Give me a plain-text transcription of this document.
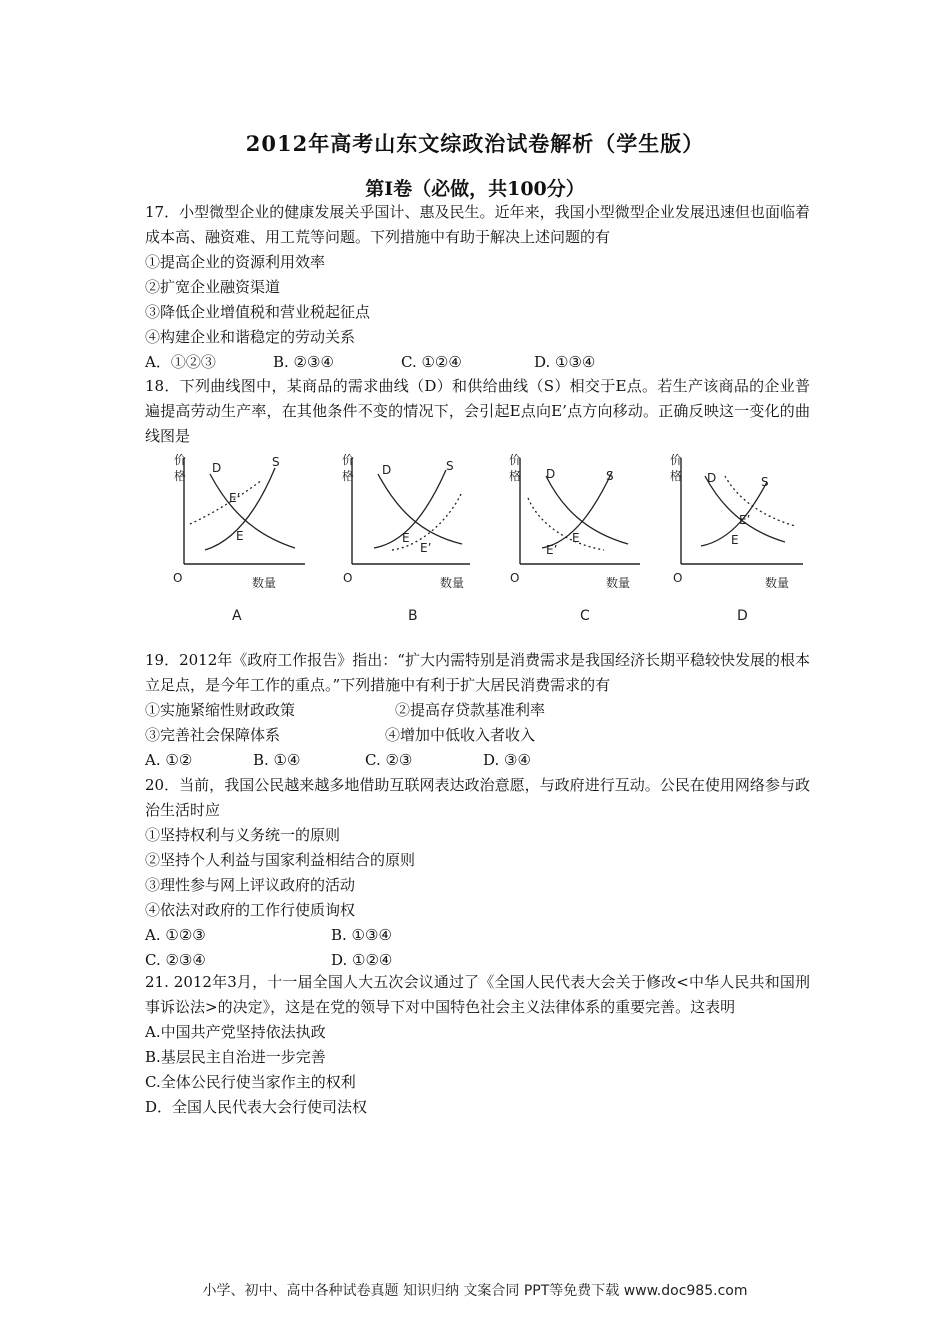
2012年高考山东文综政治试卷解析（学生版）
第Ⅰ卷（必做，共100分）
17．小型微型企业的健康发展关乎国计、惠及民生。近年来，我国小型微型企业发展迅速但也面临着成本高、融资难、用工荒等问题。下列措施中有助于解决上述问题的有
①提高企业的资源利用效率
②扩宽企业融资渠道
③降低企业增值税和营业税起征点
④构建企业和谐稳定的劳动关系
A．①②③	B. ②③④	C. ①②④	D. ①③④
18．下列曲线图中，某商品的需求曲线（D）和供给曲线（S）相交于E点。若生产该商品的企业普遍提高劳动生产率，在其他条件不变的情况下，会引起E点向E’点方向移动。正确反映这一变化的曲线图是
价
格
O	数量
D	S
E’
E
A
价
格
O	数量
D	S
E
E’
B
价
格
O	数量
D	S
E
E’
C
价
格
O	数量
D	S
E
E’
D
19．2012年《政府工作报告》指出：“扩大内需特别是消费需求是我国经济长期平稳较快发展的根本立足点，是今年工作的重点。”下列措施中有利于扩大居民消费需求的有
①实施紧缩性财政政策	②提高存贷款基准利率
③完善社会保障体系	④增加中低收入者收入
A. ①②	B. ①④	C. ②③	D. ③④
20．当前，我国公民越来越多地借助互联网表达政治意愿，与政府进行互动。公民在使用网络参与政治生活时应
①坚持权利与义务统一的原则
②坚持个人利益与国家利益相结合的原则
③理性参与网上评议政府的活动
④依法对政府的工作行使质询权
A. ①②③	B. ①③④
C. ②③④	D. ①②④
21. 2012年3月，十一届全国人大五次会议通过了《全国人民代表大会关于修改<中华人民共和国刑事诉讼法>的决定》，这是在党的领导下对中国特色社会主义法律体系的重要完善。这表明
A.中国共产党坚持依法执政
B.基层民主自治进一步完善
C.全体公民行使当家作主的权利
D．全国人民代表大会行使司法权
小学、初中、高中各种试卷真题 知识归纳 文案合同 PPT等免费下载 www.doc985.com
